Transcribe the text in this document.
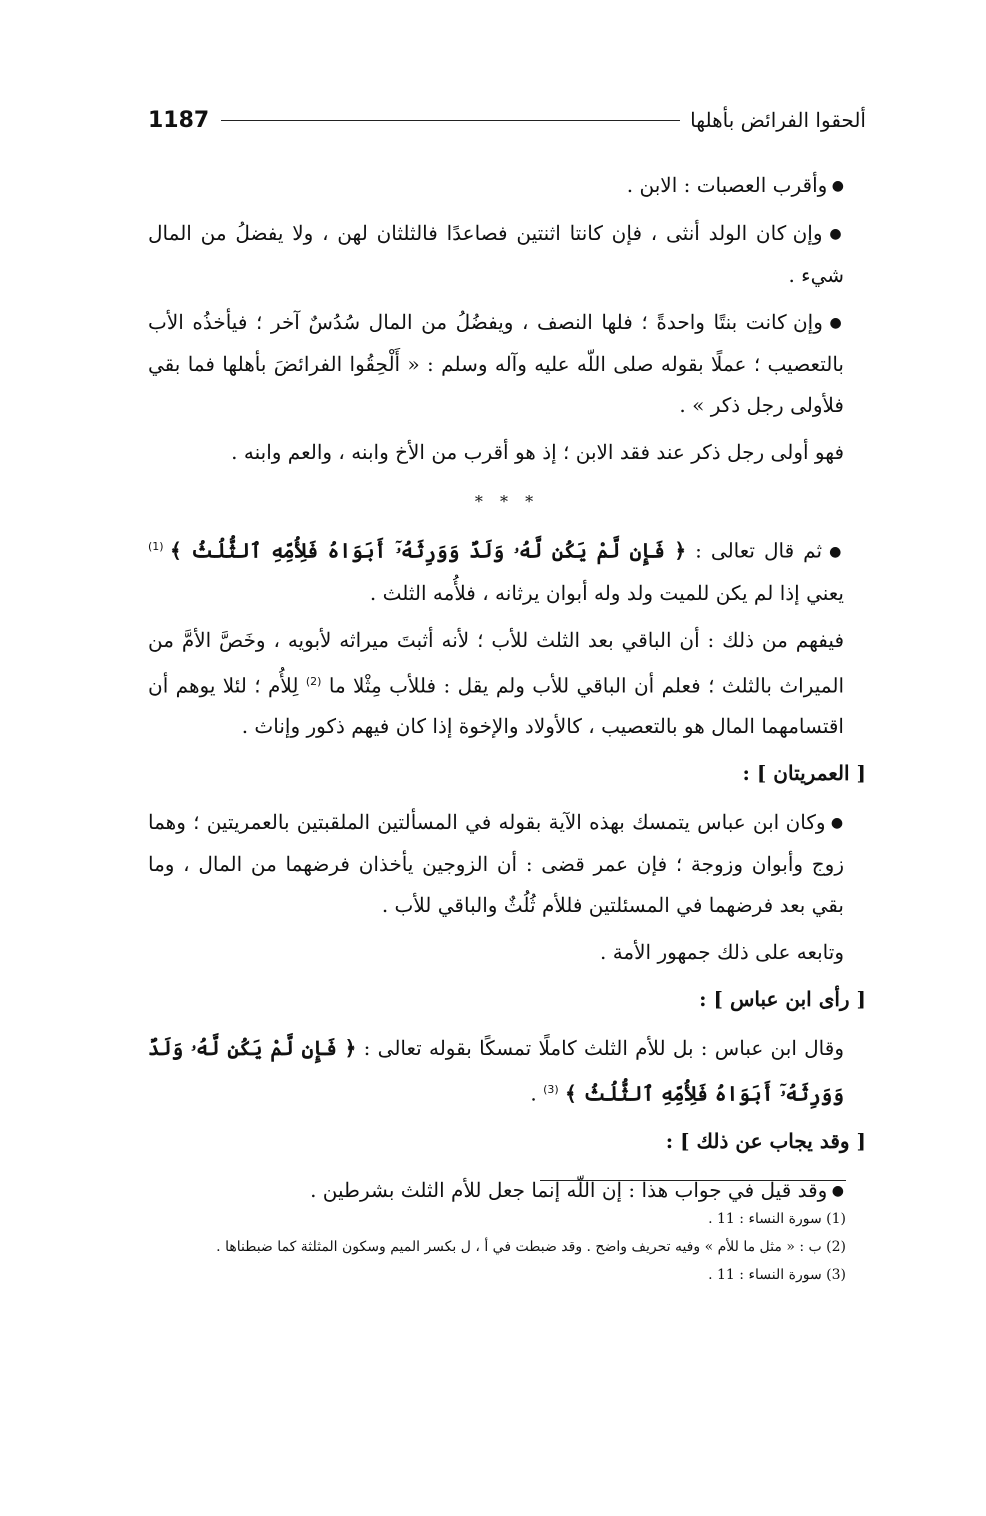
1187	ألحقوا الفرائض بأهلها

● وأقرب العصبات : الابن .

● وإن كان الولد أنثى ، فإن كانتا اثنتين فصاعدًا فالثلثان لهن ، ولا يفضلُ من المال شيء .

● وإن كانت بنتًا واحدةً ؛ فلها النصف ، ويفضُلُ من المال سُدُسٌ آخر ؛ فيأخذُه الأب بالتعصيب ؛ عملًا بقوله صلى اللّه عليه وآله وسلم : « أَلْحِقُوا الفرائضَ بأهلها فما بقي فلأولى رجل ذكر » .

فهو أولى رجل ذكر عند فقد الابن ؛ إذ هو أقرب من الأخ وابنه ، والعم وابنه .

* * *

● ثم قال تعالى : ﴿ فَإِن لَّمْ يَكُن لَّهُۥ وَلَدٌ وَوَرِثَهُۥٓ أَبَوَاهُ فَلِأُمِّهِ ٱلثُّلُثُ ﴾ $^{(1)}$ يعني إذا لم يكن للميت ولد وله أبوان يرثانه ، فلأُمه الثلث .

فيفهم من ذلك : أن الباقي بعد الثلث للأب ؛ لأنه أثبتَ ميراثه لأبويه ، وخَصَّ الأمَّ من الميراث بالثلث ؛ فعلم أن الباقي للأب ولم يقل : فللأب مِثْلا ما $^{(2)}$ لِلأُم ؛ لئلا يوهم أن اقتسامهما المال هو بالتعصيب ، كالأولاد والإخوة إذا كان فيهم ذكور وإناث .

[ العمريتان ] :

● وكان ابن عباس يتمسك بهذه الآية بقوله في المسألتين الملقبتين بالعمريتين ؛ وهما زوج وأبوان وزوجة ؛ فإن عمر قضى : أن الزوجين يأخذان فرضهما من المال ، وما بقي بعد فرضهما في المسئلتين فللأم ثُلُثٌ والباقي للأب .

وتابعه على ذلك جمهور الأمة .

[ رأى ابن عباس ] :

وقال ابن عباس : بل للأم الثلث كاملًا تمسكًا بقوله تعالى : ﴿ فَإِن لَّمْ يَكُن لَّهُۥ وَلَدٌ وَوَرِثَهُۥٓ أَبَوَاهُ فَلِأُمِّهِ ٱلثُّلُثُ ﴾ $^{(3)}$ .

[ وقد يجاب عن ذلك ] :

● وقد قيل في جواب هذا : إن اللّه إنما جعل للأم الثلث بشرطين .

(1) سورة النساء : 11 .

(2) ب : « مثل ما للأم » وفيه تحريف واضح . وقد ضبطت في أ ، ل بكسر الميم وسكون المثلثة كما ضبطناها .

(3) سورة النساء : 11 .
